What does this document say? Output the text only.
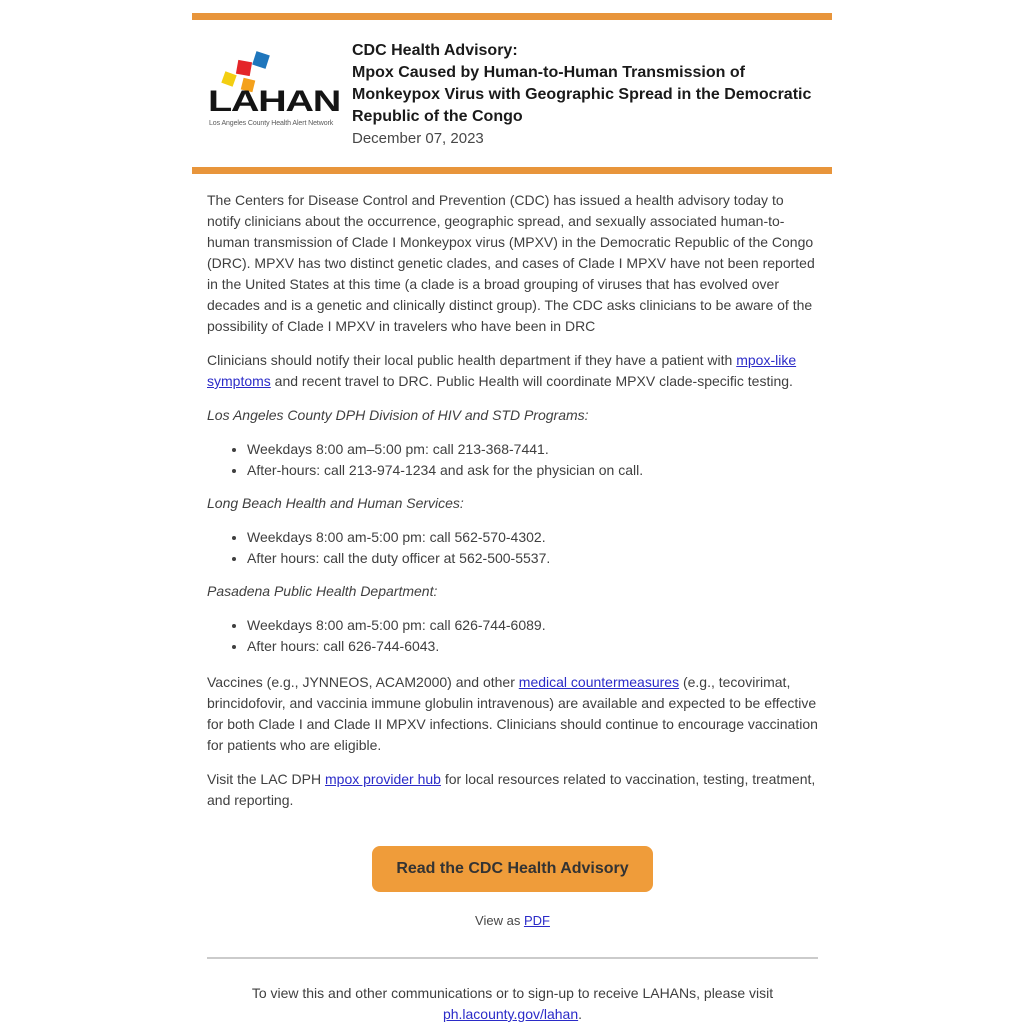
LAHAN
Los Angeles County Health Alert Network
CDC Health Advisory:
Mpox Caused by Human-to-Human Transmission of Monkeypox Virus with Geographic Spread in the Democratic Republic of the Congo
December 07, 2023

The Centers for Disease Control and Prevention (CDC) has issued a health advisory today to notify clinicians about the occurrence, geographic spread, and sexually associated human-to-human transmission of Clade I Monkeypox virus (MPXV) in the Democratic Republic of the Congo (DRC). MPXV has two distinct genetic clades, and cases of Clade I MPXV have not been reported in the United States at this time (a clade is a broad grouping of viruses that has evolved over decades and is a genetic and clinically distinct group). The CDC asks clinicians to be aware of the possibility of Clade I MPXV in travelers who have been in DRC

Clinicians should notify their local public health department if they have a patient with mpox-like symptoms and recent travel to DRC. Public Health will coordinate MPXV clade-specific testing.

Los Angeles County DPH Division of HIV and STD Programs:

• Weekdays 8:00 am–5:00 pm: call 213-368-7441.
• After-hours: call 213-974-1234 and ask for the physician on call.

Long Beach Health and Human Services:

• Weekdays 8:00 am-5:00 pm: call 562-570-4302.
• After hours: call the duty officer at 562-500-5537.

Pasadena Public Health Department:

• Weekdays 8:00 am-5:00 pm: call 626-744-6089.
• After hours: call 626-744-6043.

Vaccines (e.g., JYNNEOS, ACAM2000) and other medical countermeasures (e.g., tecovirimat, brincidofovir, and vaccinia immune globulin intravenous) are available and expected to be effective for both Clade I and Clade II MPXV infections. Clinicians should continue to encourage vaccination for patients who are eligible.

Visit the LAC DPH mpox provider hub for local resources related to vaccination, testing, treatment, and reporting.

Read the CDC Health Advisory
View as PDF
To view this and other communications or to sign-up to receive LAHANs, please visit
ph.lacounty.gov/lahan.
